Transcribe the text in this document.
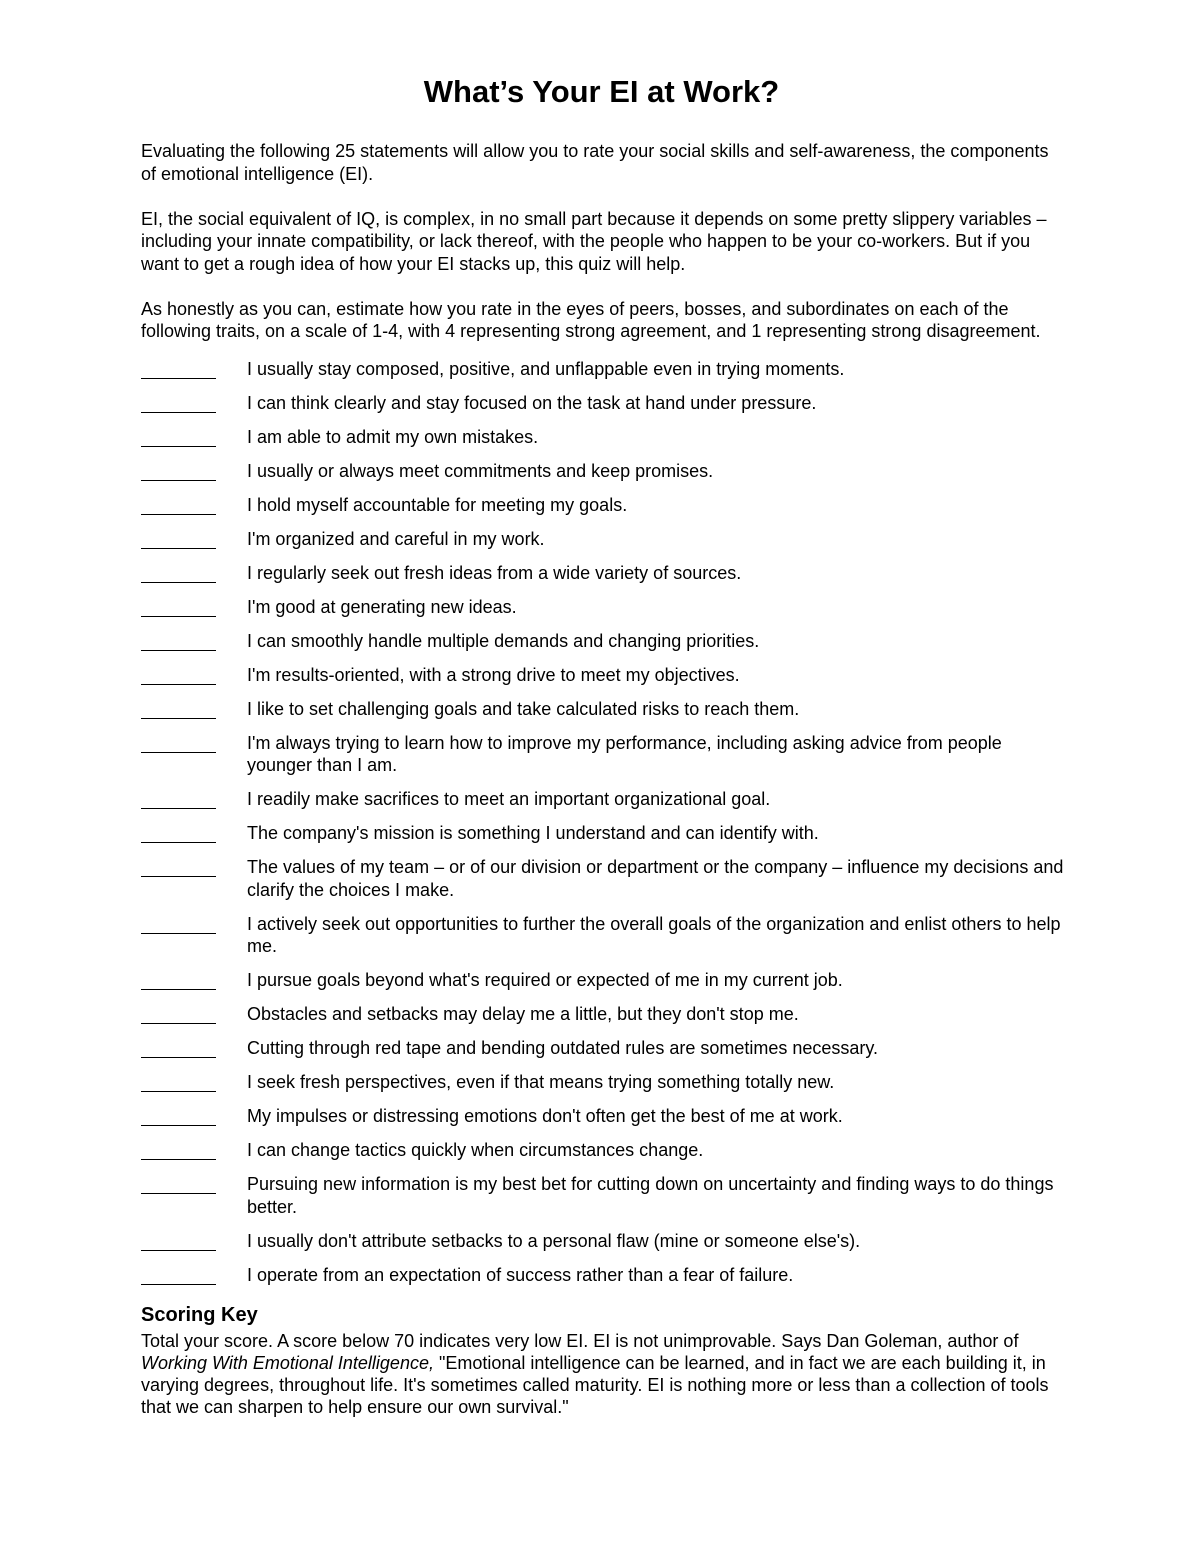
What’s Your EI at Work?

Evaluating the following 25 statements will allow you to rate your social skills and self-awareness, the components of emotional intelligence (EI).

EI, the social equivalent of IQ, is complex, in no small part because it depends on some pretty slippery variables – including your innate compatibility, or lack thereof, with the people who happen to be your co-workers. But if you want to get a rough idea of how your EI stacks up, this quiz will help.

As honestly as you can, estimate how you rate in the eyes of peers, bosses, and subordinates on each of the following traits, on a scale of 1-4, with 4 representing strong agreement, and 1 representing strong disagreement.

I usually stay composed, positive, and unflappable even in trying moments.
I can think clearly and stay focused on the task at hand under pressure.
I am able to admit my own mistakes.
I usually or always meet commitments and keep promises.
I hold myself accountable for meeting my goals.
I'm organized and careful in my work.
I regularly seek out fresh ideas from a wide variety of sources.
I'm good at generating new ideas.
I can smoothly handle multiple demands and changing priorities.
I'm results-oriented, with a strong drive to meet my objectives.
I like to set challenging goals and take calculated risks to reach them.
I'm always trying to learn how to improve my performance, including asking advice from people younger than I am.
I readily make sacrifices to meet an important organizational goal.
The company's mission is something I understand and can identify with.
The values of my team – or of our division or department or the company – influence my decisions and clarify the choices I make.
I actively seek out opportunities to further the overall goals of the organization and enlist others to help me.
I pursue goals beyond what's required or expected of me in my current job.
Obstacles and setbacks may delay me a little, but they don't stop me.
Cutting through red tape and bending outdated rules are sometimes necessary.
I seek fresh perspectives, even if that means trying something totally new.
My impulses or distressing emotions don't often get the best of me at work.
I can change tactics quickly when circumstances change.
Pursuing new information is my best bet for cutting down on uncertainty and finding ways to do things better.
I usually don't attribute setbacks to a personal flaw (mine or someone else's).
I operate from an expectation of success rather than a fear of failure.
Scoring Key
Total your score. A score below 70 indicates very low EI. EI is not unimprovable. Says Dan Goleman, author of Working With Emotional Intelligence, "Emotional intelligence can be learned, and in fact we are each building it, in varying degrees, throughout life. It's sometimes called maturity. EI is nothing more or less than a collection of tools that we can sharpen to help ensure our own survival."
